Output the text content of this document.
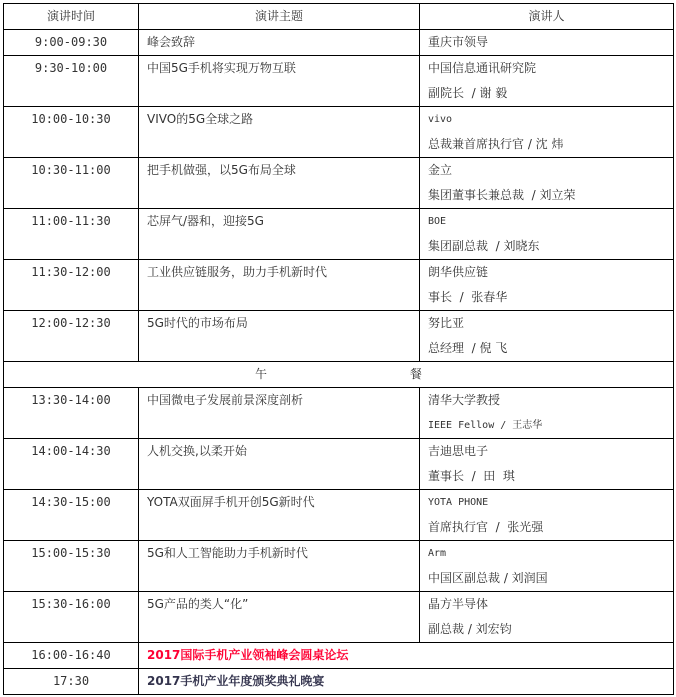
演讲时间	演讲主题	演讲人
9:00-09:30	峰会致辞	重庆市领导

9:30-10:00	中国5G手机将实现万物互联	中国信息通讯研究院
副院长  / 谢 毅

10:00-10:30	VIVO的5G全球之路	vivo
总裁兼首席执行官 / 沈 炜

10:30-11:00	把手机做强，以5G布局全球	金立
集团董事长兼总裁  / 刘立荣

11:00-11:30	芯屏气/器和，迎接5G	BOE
集团副总裁  / 刘晓东

11:30-12:00	工业供应链服务，助力手机新时代	朗华供应链
事长  /  张春华

12:00-12:30	5G时代的市场布局	努比亚
总经理  / 倪 飞

午      餐		
13:30-14:00	中国微电子发展前景深度剖析	清华大学教授
IEEE Fellow / 王志华

14:00-14:30	人机交换,以柔开始	吉迪思电子
董事长  /  田  琪

14:30-15:00	YOTA双面屏手机开创5G新时代	YOTA PHONE
首席执行官  /  张光强

15:00-15:30	5G和人工智能助力手机新时代	Arm
中国区副总裁 / 刘润国

15:30-16:00	5G产品的类人“化”	晶方半导体
副总裁 / 刘宏钧

16:00-16:40	2017国际手机产业领袖峰会圆桌论坛	
17:30	2017手机产业年度颁奖典礼晚宴	
